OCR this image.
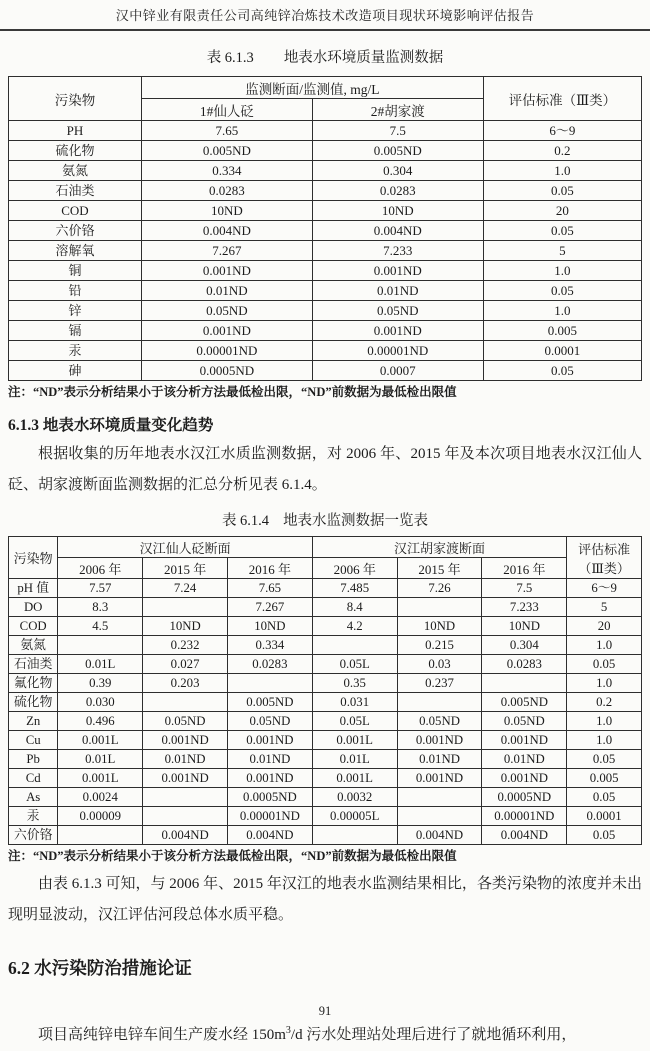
汉中锌业有限责任公司高纯锌冶炼技术改造项目现状环境影响评估报告
表 6.1.3 地表水环境质量监测数据
污染物	监测断面/监测值, mg/L		评估标准（Ⅲ类）
	1#仙人砭	2#胡家渡	
PH	7.65	7.5	6～9
硫化物	0.005ND	0.005ND	0.2
氨氮	0.334	0.304	1.0
石油类	0.0283	0.0283	0.05
COD	10ND	10ND	20
六价铬	0.004ND	0.004ND	0.05
溶解氧	7.267	7.233	5
铜	0.001ND	0.001ND	1.0
铅	0.01ND	0.01ND	0.05
锌	0.05ND	0.05ND	1.0
镉	0.001ND	0.001ND	0.005
汞	0.00001ND	0.00001ND	0.0001
砷	0.0005ND	0.0007	0.05
注：“ND”表示分析结果小于该分析方法最低检出限，“ND”前数据为最低检出限值
6.1.3 地表水环境质量变化趋势

根据收集的历年地表水汉江水质监测数据，对 2006 年、2015 年及本次项目地表水汉江仙人砭、胡家渡断面监测数据的汇总分析见表 6.1.4。

表 6.1.4 地表水监测数据一览表
污染物	汉江仙人砭断面			汉江胡家渡断面			评估标准
（Ⅲ类）
	2006 年	2015 年	2016 年	2006 年	2015 年	2016 年	
pH 值	7.57	7.24	7.65	7.485	7.26	7.5	6～9
DO	8.3		7.267	8.4		7.233	5
COD	4.5	10ND	10ND	4.2	10ND	10ND	20
氨氮		0.232	0.334		0.215	0.304	1.0
石油类	0.01L	0.027	0.0283	0.05L	0.03	0.0283	0.05
氟化物	0.39	0.203		0.35	0.237		1.0
硫化物	0.030		0.005ND	0.031		0.005ND	0.2
Zn	0.496	0.05ND	0.05ND	0.05L	0.05ND	0.05ND	1.0
Cu	0.001L	0.001ND	0.001ND	0.001L	0.001ND	0.001ND	1.0
Pb	0.01L	0.01ND	0.01ND	0.01L	0.01ND	0.01ND	0.05
Cd	0.001L	0.001ND	0.001ND	0.001L	0.001ND	0.001ND	0.005
As	0.0024		0.0005ND	0.0032		0.0005ND	0.05
汞	0.00009		0.00001ND	0.00005L		0.00001ND	0.0001
六价铬		0.004ND	0.004ND		0.004ND	0.004ND	0.05
注：“ND”表示分析结果小于该分析方法最低检出限，“ND”前数据为最低检出限值

由表 6.1.3 可知，与 2006 年、2015 年汉江的地表水监测结果相比，各类污染物的浓度并未出现明显波动，汉江评估河段总体水质平稳。

6.2 水污染防治措施论证

项目高纯锌电锌车间生产废水经 $150m^3/d$ 污水处理站处理后进行了就地循环利用，

91
